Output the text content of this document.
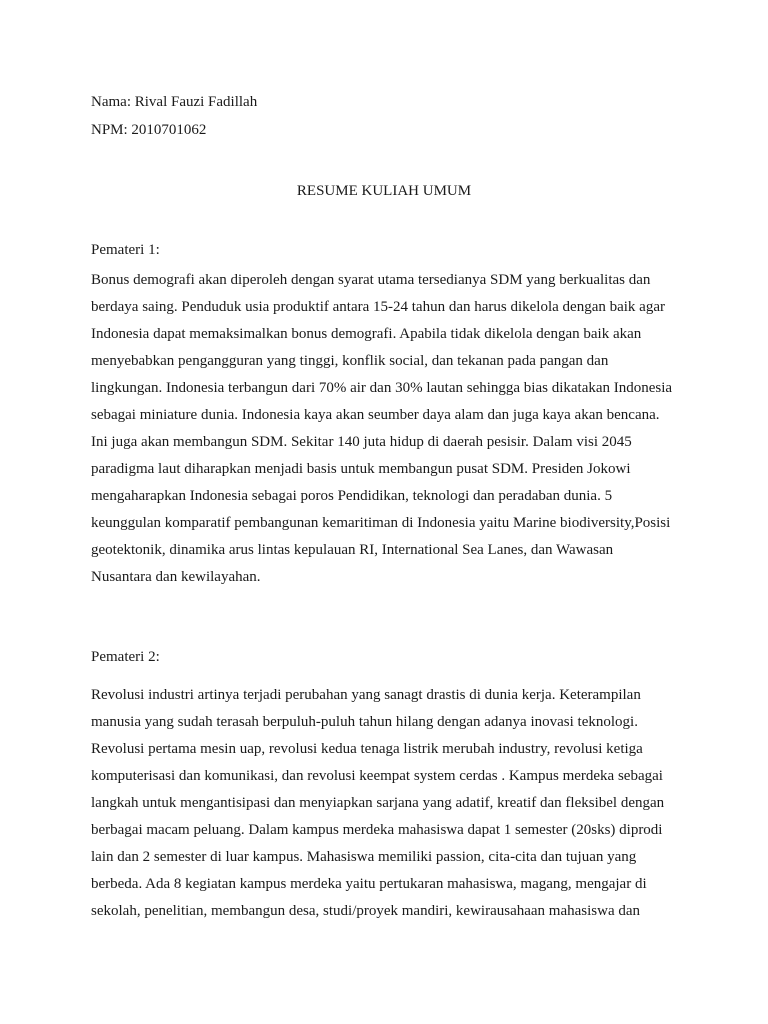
Nama: Rival Fauzi Fadillah
NPM: 2010701062
RESUME KULIAH UMUM
Pemateri 1:
Bonus demografi akan diperoleh dengan syarat utama tersedianya SDM yang berkualitas dan
berdaya saing. Penduduk usia produktif antara 15-24 tahun dan harus dikelola dengan baik agar
Indonesia dapat memaksimalkan bonus demografi. Apabila tidak dikelola dengan baik akan
menyebabkan pengangguran yang tinggi, konflik social, dan tekanan pada pangan dan
lingkungan. Indonesia terbangun dari 70% air dan 30% lautan sehingga bias dikatakan Indonesia
sebagai miniature dunia. Indonesia kaya akan seumber daya alam dan juga kaya akan bencana.
Ini juga akan membangun SDM. Sekitar 140 juta hidup di daerah pesisir. Dalam visi 2045
paradigma laut diharapkan menjadi basis untuk membangun pusat SDM. Presiden Jokowi
mengaharapkan Indonesia sebagai poros Pendidikan, teknologi dan peradaban dunia. 5
keunggulan komparatif pembangunan kemaritiman di Indonesia yaitu Marine biodiversity,Posisi
geotektonik, dinamika arus lintas kepulauan RI, International Sea Lanes, dan Wawasan
Nusantara dan kewilayahan.
Pemateri 2:
Revolusi industri artinya terjadi perubahan yang sanagt drastis di dunia kerja. Keterampilan
manusia yang sudah terasah berpuluh-puluh tahun hilang dengan adanya inovasi teknologi.
Revolusi pertama mesin uap, revolusi kedua tenaga listrik merubah industry, revolusi ketiga
komputerisasi dan komunikasi, dan revolusi keempat system cerdas . Kampus merdeka sebagai
langkah untuk mengantisipasi dan menyiapkan sarjana yang adatif, kreatif dan fleksibel dengan
berbagai macam peluang. Dalam kampus merdeka mahasiswa dapat 1 semester (20sks) diprodi
lain dan 2 semester di luar kampus. Mahasiswa memiliki passion, cita-cita dan tujuan yang
berbeda. Ada 8 kegiatan kampus merdeka yaitu pertukaran mahasiswa, magang, mengajar di
sekolah, penelitian, membangun desa, studi/proyek mandiri, kewirausahaan mahasiswa dan
